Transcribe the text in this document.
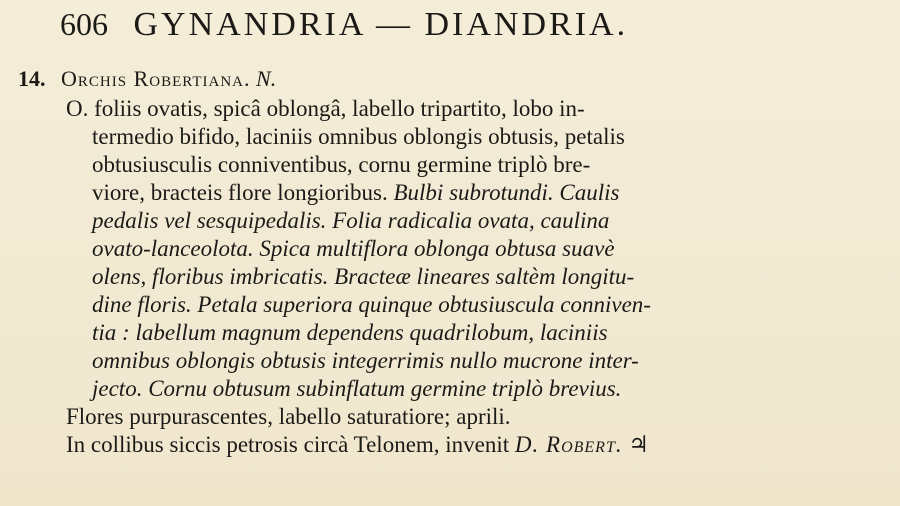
606 GYNANDRIA — DIANDRIA.
14. Orchis Robertiana. N.
O. foliis ovatis, spicâ oblongâ, labello tripartito, lobo in-
termedio bifido, laciniis omnibus oblongis obtusis, petalis
obtusiusculis conniventibus, cornu germine triplò bre-
viore, bracteis flore longioribus. Bulbi subrotundi. Caulis
pedalis vel sesquipedalis. Folia radicalia ovata, caulina
ovato-lanceolota. Spica multiflora oblonga obtusa suavè
olens, floribus imbricatis. Bracteæ lineares saltèm longitu-
dine floris. Petala superiora quinque obtusiuscula conniven-
tia : labellum magnum dependens quadrilobum, laciniis
omnibus oblongis obtusis integerrimis nullo mucrone inter-
jecto. Cornu obtusum subinflatum germine triplò brevius.
Flores purpurascentes, labello saturatiore; aprili.
In collibus siccis petrosis circà Telonem, invenit D. Robert. ♃
